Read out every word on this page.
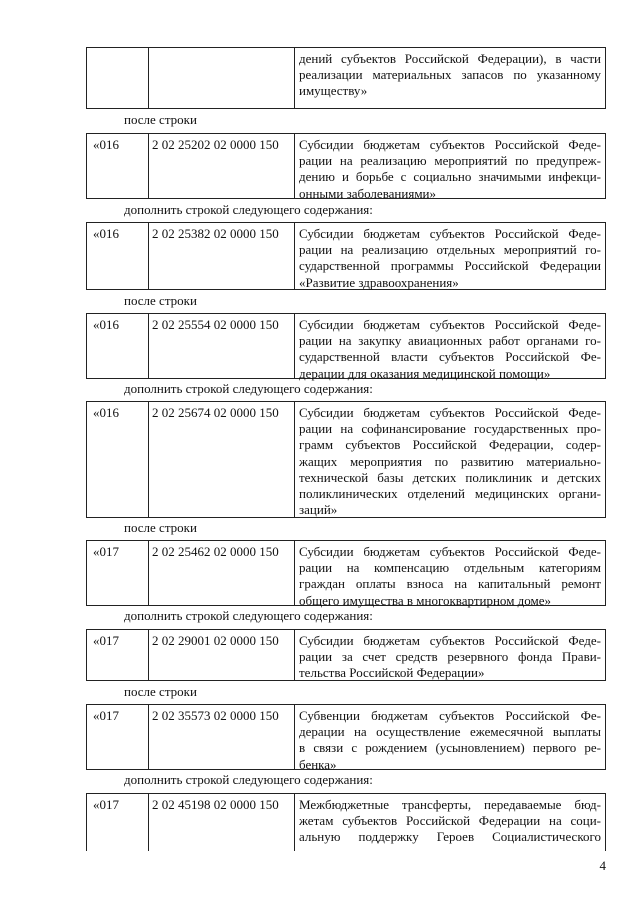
дений субъектов Российской Федерации), в части
реализации материальных запасов по указанному
имуществу»
после строки
«016	2 02 25202 02 0000 150	Субсидии бюджетам субъектов Российской Феде-
рации на реализацию мероприятий по предупреж-
дению и борьбе с социально значимыми инфекци-
онными заболеваниями»
дополнить строкой следующего содержания:
«016	2 02 25382 02 0000 150	Субсидии бюджетам субъектов Российской Феде-
рации на реализацию отдельных мероприятий го-
сударственной программы Российской Федерации
«Развитие здравоохранения»
после строки
«016	2 02 25554 02 0000 150	Субсидии бюджетам субъектов Российской Феде-
рации на закупку авиационных работ органами го-
сударственной власти субъектов Российской Фе-
дерации для оказания медицинской помощи»
дополнить строкой следующего содержания:
«016	2 02 25674 02 0000 150	Субсидии бюджетам субъектов Российской Феде-
рации на софинансирование государственных про-
грамм субъектов Российской Федерации, содер-
жащих мероприятия по развитию материально-
технической базы детских поликлиник и детских
поликлинических отделений медицинских органи-
заций»
после строки
«017	2 02 25462 02 0000 150	Субсидии бюджетам субъектов Российской Феде-
рации на компенсацию отдельным категориям
граждан оплаты взноса на капитальный ремонт
общего имущества в многоквартирном доме»
дополнить строкой следующего содержания:
«017	2 02 29001 02 0000 150	Субсидии бюджетам субъектов Российской Феде-
рации за счет средств резервного фонда Прави-
тельства Российской Федерации»
после строки
«017	2 02 35573 02 0000 150	Субвенции бюджетам субъектов Российской Фе-
дерации на осуществление ежемесячной выплаты
в связи с рождением (усыновлением) первого ре-
бенка»
дополнить строкой следующего содержания:
«017	2 02 45198 02 0000 150	Межбюджетные трансферты, передаваемые бюд-
жетам субъектов Российской Федерации на соци-
альную поддержку Героев Социалистического
4
